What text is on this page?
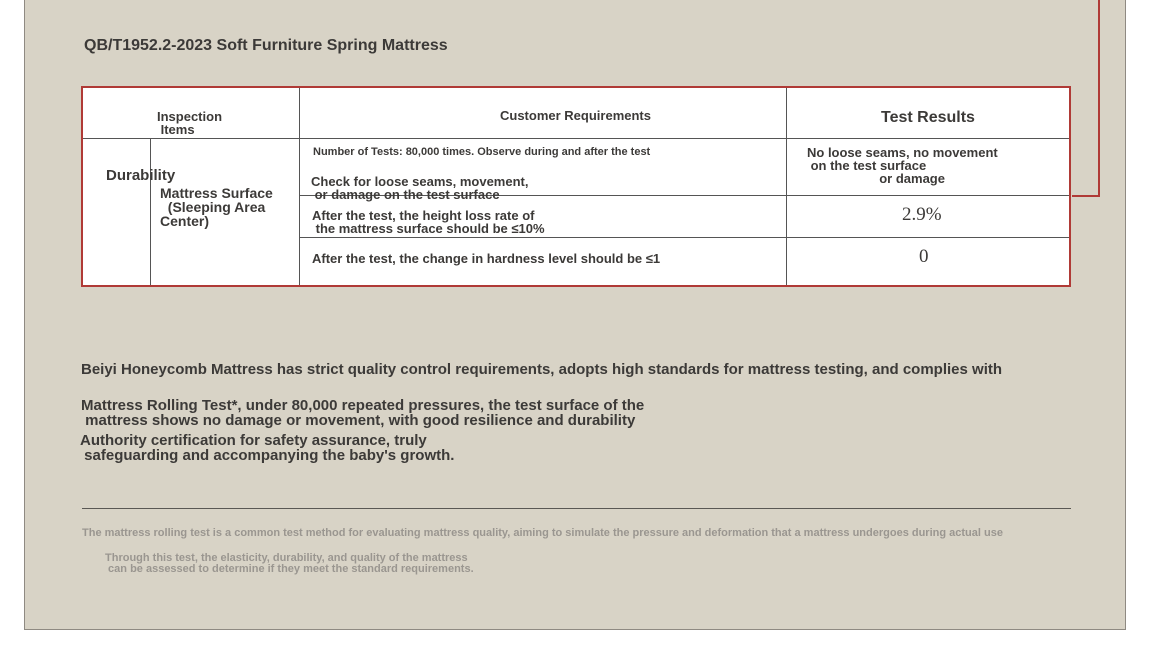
QB/T1952.2-2023 Soft Furniture Spring Mattress
Inspection
Items
Customer Requirements	Test Results
Durability
Mattress Surface
(Sleeping Area
Center)
Number of Tests: 80,000 times. Observe during and after the test
Check for loose seams, movement,
or damage on the test surface
After the test, the height loss rate of
the mattress surface should be ≤10%
After the test, the change in hardness level should be ≤1
No loose seams, no movement
on the test surface
or damage
2.9%
0
Beiyi Honeycomb Mattress has strict quality control requirements, adopts high standards for mattress testing, and complies with
Mattress Rolling Test*, under 80,000 repeated pressures, the test surface of the
mattress shows no damage or movement, with good resilience and durability
Authority certification for safety assurance, truly
safeguarding and accompanying the baby's growth.
The mattress rolling test is a common test method for evaluating mattress quality, aiming to simulate the pressure and deformation that a mattress undergoes during actual use
Through this test, the elasticity, durability, and quality of the mattress
can be assessed to determine if they meet the standard requirements.
